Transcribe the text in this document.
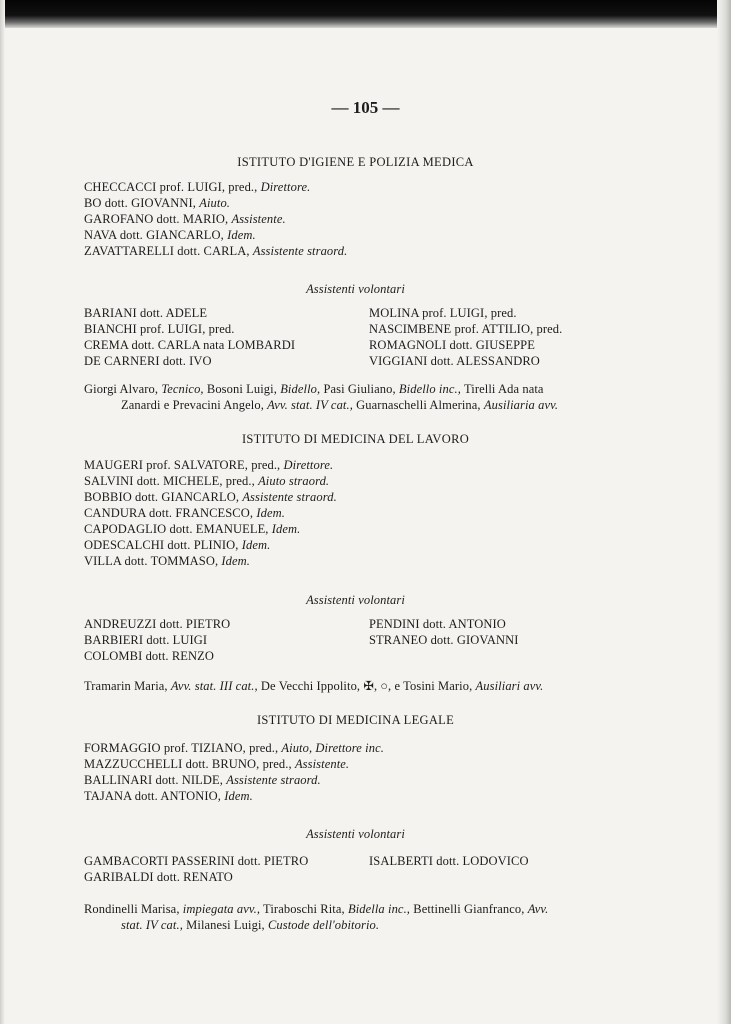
— 105 —
ISTITUTO D'IGIENE E POLIZIA MEDICA
CHECCACCI prof. LUIGI, pred., Direttore.
BO dott. GIOVANNI, Aiuto.
GAROFANO dott. MARIO, Assistente.
NAVA dott. GIANCARLO, Idem.
ZAVATTARELLI dott. CARLA, Assistente straord.
Assistenti volontari
BARIANI dott. ADELE
BIANCHI prof. LUIGI, pred.
CREMA dott. CARLA nata LOMBARDI
DE CARNERI dott. IVO
MOLINA prof. LUIGI, pred.
NASCIMBENE prof. ATTILIO, pred.
ROMAGNOLI dott. GIUSEPPE
VIGGIANI dott. ALESSANDRO
Giorgi Alvaro, Tecnico, Bosoni Luigi, Bidello, Pasi Giuliano, Bidello inc., Tirelli Ada nata
Zanardi e Prevacini Angelo, Avv. stat. IV cat., Guarnaschelli Almerina, Ausiliaria avv.
ISTITUTO DI MEDICINA DEL LAVORO
MAUGERI prof. SALVATORE, pred., Direttore.
SALVINI dott. MICHELE, pred., Aiuto straord.
BOBBIO dott. GIANCARLO, Assistente straord.
CANDURA dott. FRANCESCO, Idem.
CAPODAGLIO dott. EMANUELE, Idem.
ODESCALCHI dott. PLINIO, Idem.
VILLA dott. TOMMASO, Idem.
Assistenti volontari
ANDREUZZI dott. PIETRO
BARBIERI dott. LUIGI
COLOMBI dott. RENZO
PENDINI dott. ANTONIO
STRANEO dott. GIOVANNI
Tramarin Maria, Avv. stat. III cat., De Vecchi Ippolito, ✠, ○, e Tosini Mario, Ausiliari avv.
ISTITUTO DI MEDICINA LEGALE
FORMAGGIO prof. TIZIANO, pred., Aiuto, Direttore inc.
MAZZUCCHELLI dott. BRUNO, pred., Assistente.
BALLINARI dott. NILDE, Assistente straord.
TAJANA dott. ANTONIO, Idem.
Assistenti volontari
GAMBACORTI PASSERINI dott. PIETRO
GARIBALDI dott. RENATO
ISALBERTI dott. LODOVICO
Rondinelli Marisa, impiegata avv., Tiraboschi Rita, Bidella inc., Bettinelli Gianfranco, Avv.
stat. IV cat., Milanesi Luigi, Custode dell'obitorio.
